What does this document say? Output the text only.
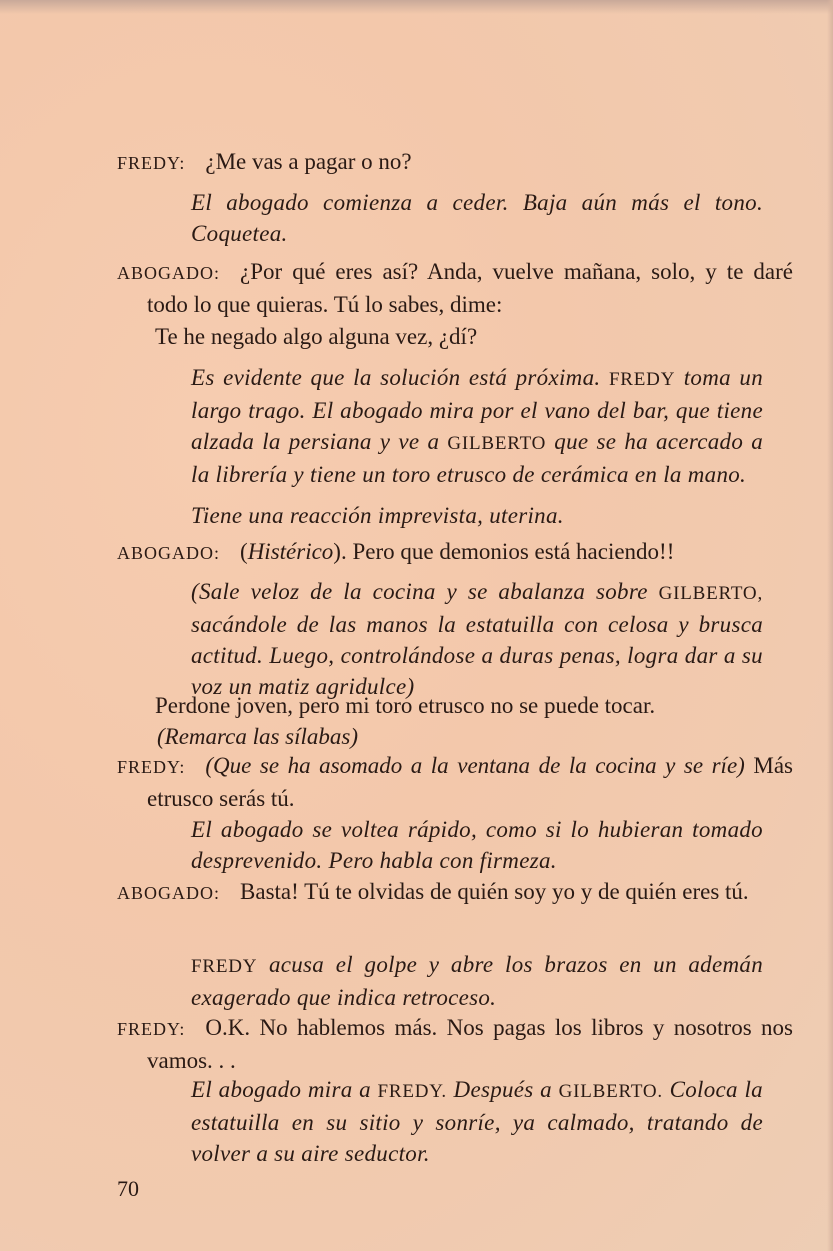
FREDY: ¿Me vas a pagar o no?
El abogado comienza a ceder. Baja aún más el tono. Coquetea.
ABOGADO: ¿Por qué eres así? Anda, vuelve mañana, solo, y te daré todo lo que quieras. Tú lo sabes, dime:
Te he negado algo alguna vez, ¿dí?
Es evidente que la solución está próxima. FREDY toma un largo trago. El abogado mira por el vano del bar, que tiene alzada la persiana y ve a GILBERTO que se ha acercado a la librería y tiene un toro etrusco de cerámica en la mano.
Tiene una reacción imprevista, uterina.
ABOGADO: (Histérico). Pero que demonios está haciendo!!
(Sale veloz de la cocina y se abalanza sobre GILBERTO, sacándole de las manos la estatuilla con celosa y brusca actitud. Luego, controlándose a duras penas, logra dar a su voz un matiz agridulce)
Perdone joven, pero mi toro etrusco no se puede tocar.
(Remarca las sílabas)
FREDY: (Que se ha asomado a la ventana de la cocina y se ríe) Más etrusco serás tú.
El abogado se voltea rápido, como si lo hubieran tomado desprevenido. Pero habla con firmeza.
ABOGADO: Basta! Tú te olvidas de quién soy yo y de quién eres tú.
FREDY acusa el golpe y abre los brazos en un ademán exagerado que indica retroceso.
FREDY: O.K. No hablemos más. Nos pagas los libros y nosotros nos vamos. . .
El abogado mira a FREDY. Después a GILBERTO. Coloca la estatuilla en su sitio y sonríe, ya calmado, tratando de volver a su aire seductor.
70
